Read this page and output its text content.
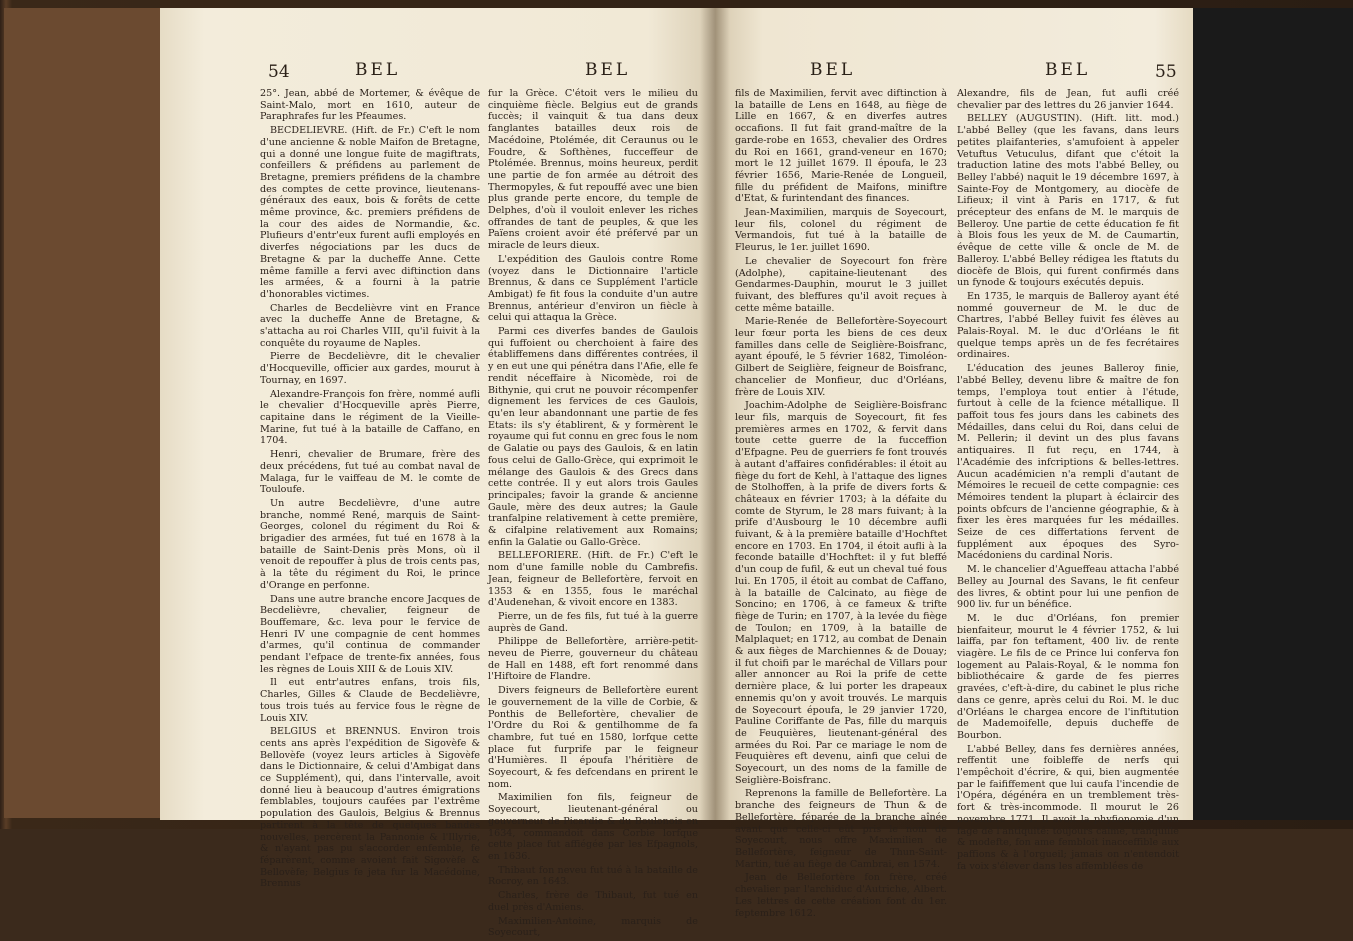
54	BEL	BEL

25°. Jean, abbé de Mortemer, & évêque de Saint-Malo, mort en 1610, auteur de Paraphrafes fur les Pfeaumes.

BECDELIEVRE. (Hift. de Fr.) C'eft le nom d'une ancienne & noble Maifon de Bretagne, qui a donné une longue fuite de magiftrats, confeillers & préfidens au parlement de Bretagne, premiers préfidens de la chambre des comptes de cette province, lieutenans-généraux des eaux, bois & forêts de cette même province, &c. premiers préfidens de la cour des aides de Normandie, &c. Plufieurs d'entr'eux furent aufli employés en diverfes négociations par les ducs de Bretagne & par la ducheffe Anne. Cette même famille a fervi avec diftinction dans les armées, & a fourni à la patrie d'honorables victimes.

Charles de Becdelièvre vint en France avec la ducheffe Anne de Bretagne, & s'attacha au roi Charles VIII, qu'il fuivit à la conquête du royaume de Naples.

Pierre de Becdelièvre, dit le chevalier d'Hocqueville, officier aux gardes, mourut à Tournay, en 1697.

Alexandre-François fon frère, nommé aufli le chevalier d'Hocqueville après Pierre, capitaine dans le régiment de la Vieille-Marine, fut tué à la bataille de Caffano, en 1704.

Henri, chevalier de Brumare, frère des deux précédens, fut tué au combat naval de Malaga, fur le vaiffeau de M. le comte de Touloufe.

Un autre Becdelièvre, d'une autre branche, nommé René, marquis de Saint-Georges, colonel du régiment du Roi & brigadier des armées, fut tué en 1678 à la bataille de Saint-Denis près Mons, où il venoit de repouffer à plus de trois cents pas, à la tête du régiment du Roi, le prince d'Orange en perfonne.

Dans une autre branche encore Jacques de Becdelièvre, chevalier, feigneur de Bouffemare, &c. leva pour le fervice de Henri IV une compagnie de cent hommes d'armes, qu'il continua de commander pendant l'efpace de trente-fix années, fous les règnes de Louis XIII & de Louis XIV.

Il eut entr'autres enfans, trois fils, Charles, Gilles & Claude de Becdelièvre, tous trois tués au fervice fous le règne de Louis XIV.

BELGIUS et BRENNUS. Environ trois cents ans après l'expédition de Sigovèfe & Bellovèfe (voyez leurs articles à Sigovèfe dans le Dictionnaire, & celui d'Ambigat dans ce Supplément), qui, dans l'intervalle, avoit donné lieu à beaucoup d'autres émigrations femblables, toujours caufées par l'extrême population des Gaulois, Belgius & Brennus partirent à la tête de quelques bandes nouvelles, percèrent la Pannonie & l'Illyrie, & n'ayant pas pu s'accorder enfemble, fe féparèrent, comme avoient fait Sigovèfe & Bellovèfe; Belgius fe jeta fur la Macédoine, Brennus

fur la Grèce. C'étoit vers le milieu du cinquième fiècle. Belgius eut de grands fuccès; il vainquit & tua dans deux fanglantes batailles deux rois de Macédoine, Ptolémée, dit Ceraunus ou le Foudre, & Softhènes, fucceffeur de Ptolémée. Brennus, moins heureux, perdit une partie de fon armée au détroit des Thermopyles, & fut repouffé avec une bien plus grande perte encore, du temple de Delphes, d'où il vouloit enlever les riches offrandes de tant de peuples, & que les Païens croient avoir été préfervé par un miracle de leurs dieux.

L'expédition des Gaulois contre Rome (voyez dans le Dictionnaire l'article Brennus, & dans ce Supplément l'article Ambigat) fe fit fous la conduite d'un autre Brennus, antérieur d'environ un fiècle à celui qui attaqua la Grèce.

Parmi ces diverfes bandes de Gaulois qui fuffoient ou cherchoient à faire des établiffemens dans différentes contrées, il y en eut une qui pénétra dans l'Afie, elle fe rendit néceffaire à Nicomède, roi de Bithynie, qui crut ne pouvoir récompenfer dignement les fervices de ces Gaulois, qu'en leur abandonnant une partie de fes Etats: ils s'y établirent, & y formèrent le royaume qui fut connu en grec fous le nom de Galatie ou pays des Gaulois, & en latin fous celui de Gallo-Grèce, qui exprimoit le mélange des Gaulois & des Grecs dans cette contrée. Il y eut alors trois Gaules principales; favoir la grande & ancienne Gaule, mère des deux autres; la Gaule tranfalpine relativement à cette première, & cifalpine relativement aux Romains; enfin la Galatie ou Gallo-Grèce.

BELLEFORIERE. (Hift. de Fr.) C'eft le nom d'une famille noble du Cambrefis. Jean, feigneur de Bellefortère, fervoit en 1353 & en 1355, fous le maréchal d'Audenehan, & vivoit encore en 1383.

Pierre, un de fes fils, fut tué à la guerre auprès de Gand.

Philippe de Bellefortère, arrière-petit-neveu de Pierre, gouverneur du château de Hall en 1488, eft fort renommé dans l'Hiftoire de Flandre.

Divers feigneurs de Bellefortère eurent le gouvernement de la ville de Corbie, & Ponthis de Bellefortère, chevalier de l'Ordre du Roi & gentilhomme de fa chambre, fut tué en 1580, lorfque cette place fut furprife par le feigneur d'Humières. Il époufa l'héritière de Soyecourt, & fes defcendans en prirent le nom.

Maximilien fon fils, feigneur de Soyecourt, lieutenant-général ou gouverneur de Picardie & du Boulonois en 1634, commandoit dans Corbie lorfque cette place fut affiégée par les Efpagnols, en 1636.

Thibaut fon neveu fut tué à la bataille de Rocroy, en 1643.

Charles, frère de Thibaut, fut tué en duel près d'Amiens.

Maximilien-Antoine, marquis de Soyecourt,

BEL	BEL	55

fils de Maximilien, fervit avec diftinction à la bataille de Lens en 1648, au fiège de Lille en 1667, & en diverfes autres occafions. Il fut fait grand-maître de la garde-robe en 1653, chevalier des Ordres du Roi en 1661, grand-veneur en 1670; mort le 12 juillet 1679. Il époufa, le 23 février 1656, Marie-Renée de Longueil, fille du préfident de Maifons, miniftre d'Etat, & furintendant des finances.

Jean-Maximilien, marquis de Soyecourt, leur fils, colonel du régiment de Vermandois, fut tué à la bataille de Fleurus, le 1er. juillet 1690.

Le chevalier de Soyecourt fon frère (Adolphe), capitaine-lieutenant des Gendarmes-Dauphin, mourut le 3 juillet fuivant, des bleffures qu'il avoit reçues à cette même bataille.

Marie-Renée de Bellefortère-Soyecourt leur fœur porta les biens de ces deux familles dans celle de Seiglière-Boisfranc, ayant époufé, le 5 février 1682, Timoléon-Gilbert de Seiglière, feigneur de Boisfranc, chancelier de Monfieur, duc d'Orléans, frère de Louis XIV.

Joachim-Adolphe de Seiglière-Boisfranc leur fils, marquis de Soyecourt, fit fes premières armes en 1702, & fervit dans toute cette guerre de la fucceffion d'Efpagne. Peu de guerriers fe font trouvés à autant d'affaires confidérables: il étoit au fiège du fort de Kehl, à l'attaque des lignes de Stolhoffen, à la prife de divers forts & châteaux en février 1703; à la défaite du comte de Styrum, le 28 mars fuivant; à la prife d'Ausbourg le 10 décembre aufli fuivant, & à la première bataille d'Hochftet encore en 1703. En 1704, il étoit aufli à la feconde bataille d'Hochftet: il y fut bleffé d'un coup de fufil, & eut un cheval tué fous lui. En 1705, il étoit au combat de Caffano, à la bataille de Calcinato, au fiège de Soncino; en 1706, à ce fameux & trifte fiège de Turin; en 1707, à la levée du fiège de Toulon; en 1709, à la bataille de Malplaquet; en 1712, au combat de Denain & aux fièges de Marchiennes & de Douay; il fut choifi par le maréchal de Villars pour aller annoncer au Roi la prife de cette dernière place, & lui porter les drapeaux ennemis qu'on y avoit trouvés. Le marquis de Soyecourt époufa, le 29 janvier 1720, Pauline Coriffante de Pas, fille du marquis de Feuquières, lieutenant-général des armées du Roi. Par ce mariage le nom de Feuquières eft devenu, ainfi que celui de Soyecourt, un des noms de la famille de Seiglière-Boisfranc.

Reprenons la famille de Bellefortère. La branche des feigneurs de Thun & de Bellefortère, féparée de la branche aînée avant que celle-ci eût pris le nom de Soyecourt, nous offre Maximilien de Bellefortère, feigneur de Thun-Saint-Martin, tué au fiège de Cambrai, en 1574.

Jean de Bellefortère fon frère, créé chevalier par l'archiduc d'Autriche, Albert. Les lettres de cette création font du 1er. feptembre 1612.

Alexandre, fils de Jean, fut aufli créé chevalier par des lettres du 26 janvier 1644.

BELLEY (AUGUSTIN). (Hift. litt. mod.) L'abbé Belley (que les favans, dans leurs petites plaifanteries, s'amufoient à appeler Vetuftus Vetuculus, difant que c'étoit la traduction latine des mots l'abbé Belley, ou Belley l'abbé) naquit le 19 décembre 1697, à Sainte-Foy de Montgomery, au diocèfe de Lifieux; il vint à Paris en 1717, & fut précepteur des enfans de M. le marquis de Belleroy. Une partie de cette éducation fe fit à Blois fous les yeux de M. de Caumartin, évêque de cette ville & oncle de M. de Balleroy. L'abbé Belley rédigea les ftatuts du diocèfe de Blois, qui furent confirmés dans un fynode & toujours exécutés depuis.

En 1735, le marquis de Balleroy ayant été nommé gouverneur de M. le duc de Chartres, l'abbé Belley fuivit fes élèves au Palais-Royal. M. le duc d'Orléans le fit quelque temps après un de fes fecrétaires ordinaires.

L'éducation des jeunes Balleroy finie, l'abbé Belley, devenu libre & maître de fon temps, l'employa tout entier à l'étude, furtout à celle de la fcience métallique. Il paffoit tous fes jours dans les cabinets des Médailles, dans celui du Roi, dans celui de M. Pellerin; il devint un des plus favans antiquaires. Il fut reçu, en 1744, à l'Académie des infcriptions & belles-lettres. Aucun académicien n'a rempli d'autant de Mémoires le recueil de cette compagnie: ces Mémoires tendent la plupart à éclaircir des points obfcurs de l'ancienne géographie, & à fixer les ères marquées fur les médailles. Seize de ces differtations fervent de fupplément aux époques des Syro-Macédoniens du cardinal Noris.

M. le chancelier d'Agueffeau attacha l'abbé Belley au Journal des Savans, le fit cenfeur des livres, & obtint pour lui une penfion de 900 liv. fur un bénéfice.

M. le duc d'Orléans, fon premier bienfaiteur, mourut le 4 février 1752, & lui laiffa, par fon teftament, 400 liv. de rente viagère. Le fils de ce Prince lui conferva fon logement au Palais-Royal, & le nomma fon bibliothécaire & garde de fes pierres gravées, c'eft-à-dire, du cabinet le plus riche dans ce genre, après celui du Roi. M. le duc d'Orléans le chargea encore de l'inftitution de Mademoifelle, depuis ducheffe de Bourbon.

L'abbé Belley, dans fes dernières années, reffentit une foibleffe de nerfs qui l'empêchoit d'écrire, & qui, bien augmentée par le faififfement que lui caufa l'incendie de l'Opéra, dégénéra en un tremblement très-fort & très-incommode. Il mourut le 26 novembre 1771. Il avoit la phyfionomie d'un fage de l'antiquité: toujours calme, tranquille & modefte, fon ame fembloit inacceffible aux paffions & à l'orgueil; jamais on n'entendoit fa voix s'élever dans les affemblées de
